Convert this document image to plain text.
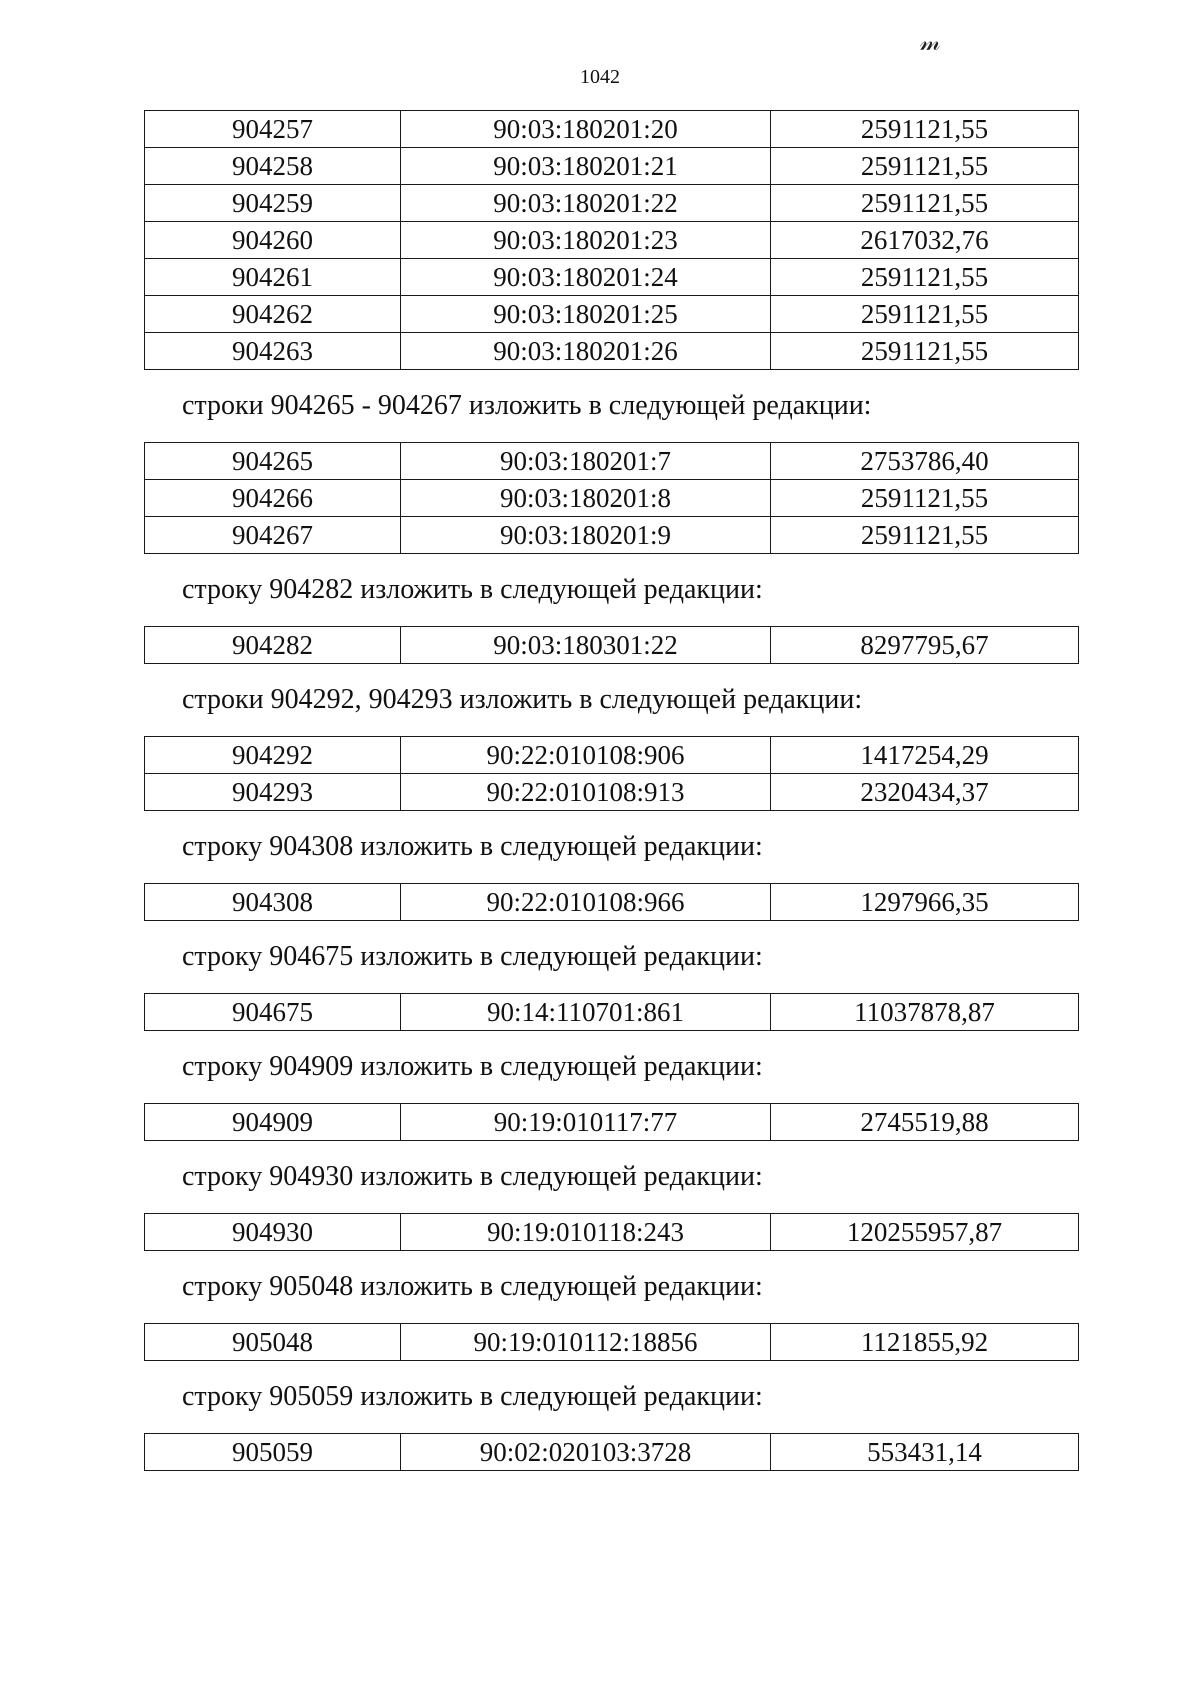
𝓂
1042
904257	90:03:180201:20	2591121,55
904258	90:03:180201:21	2591121,55
904259	90:03:180201:22	2591121,55
904260	90:03:180201:23	2617032,76
904261	90:03:180201:24	2591121,55
904262	90:03:180201:25	2591121,55
904263	90:03:180201:26	2591121,55
строки 904265 - 904267 изложить в следующей редакции:
904265	90:03:180201:7	2753786,40
904266	90:03:180201:8	2591121,55
904267	90:03:180201:9	2591121,55
строку 904282 изложить в следующей редакции:
904282	90:03:180301:22	8297795,67
строки 904292, 904293 изложить в следующей редакции:
904292	90:22:010108:906	1417254,29
904293	90:22:010108:913	2320434,37
строку 904308 изложить в следующей редакции:
904308	90:22:010108:966	1297966,35
строку 904675 изложить в следующей редакции:
904675	90:14:110701:861	11037878,87
строку 904909 изложить в следующей редакции:
904909	90:19:010117:77	2745519,88
строку 904930 изложить в следующей редакции:
904930	90:19:010118:243	120255957,87
строку 905048 изложить в следующей редакции:
905048	90:19:010112:18856	1121855,92
строку 905059 изложить в следующей редакции:
905059	90:02:020103:3728	553431,14
